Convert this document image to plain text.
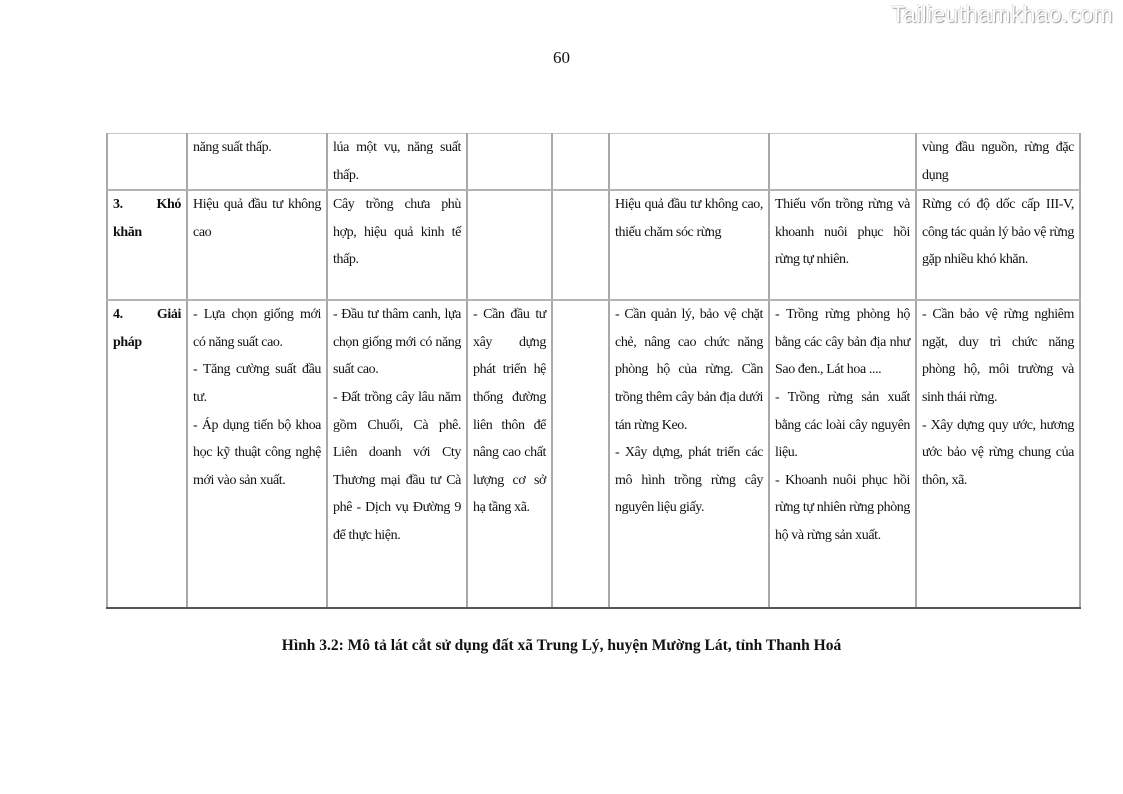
Tailieuthamkhao.com
60
	năng suất thấp.	lúa một vụ, năng suất thấp.					vùng đầu nguồn, rừng đặc dụng
3. Khó khăn	Hiệu quả đầu tư không cao	Cây trồng chưa phù hợp, hiệu quả kinh tế thấp.			Hiệu quả đầu tư không cao, thiếu chăm sóc rừng	Thiếu vốn trồng rừng và khoanh nuôi phục hồi rừng tự nhiên.	Rừng có độ dốc cấp III-V, công tác quản lý bảo vệ rừng gặp nhiều khó khăn.
4. Giải pháp	- Lựa chọn giống mới có năng suất cao.
- Tăng cường suất đầu tư.
- Áp dụng tiến bộ khoa học kỹ thuật công nghệ mới vào sản xuất.	- Đầu tư thâm canh, lựa chọn giống mới có năng suất cao.
- Đất trồng cây lâu năm gồm Chuối, Cà phê. Liên doanh với Cty Thương mại đầu tư Cà phê - Dịch vụ Đường 9 để thực hiện.	- Cần đầu tư xây dựng phát triển hệ thống đường liên thôn để nâng cao chất lượng cơ sở hạ tầng xã.		- Cần quản lý, bảo vệ chặt chẻ, nâng cao chức năng phòng hộ của rừng. Cần trồng thêm cây bản địa dưới tán rừng Keo.
- Xây dựng, phát triển các mô hình trồng rừng cây nguyên liệu giấy.	- Trồng rừng phòng hộ bằng các cây bản địa như Sao đen., Lát hoa ....
- Trồng rừng sản xuất bằng các loài cây nguyên liệu.
- Khoanh nuôi phục hồi rừng tự nhiên rừng phòng hộ và rừng sản xuất.	- Cần bảo vệ rừng nghiêm ngặt, duy trì chức năng phòng hộ, môi trường và sinh thái rừng.
- Xây dựng quy ước, hương ước bảo vệ rừng chung của thôn, xã.
Hình 3.2: Mô tả lát cắt sử dụng đất xã Trung Lý, huyện Mường Lát, tỉnh Thanh Hoá
